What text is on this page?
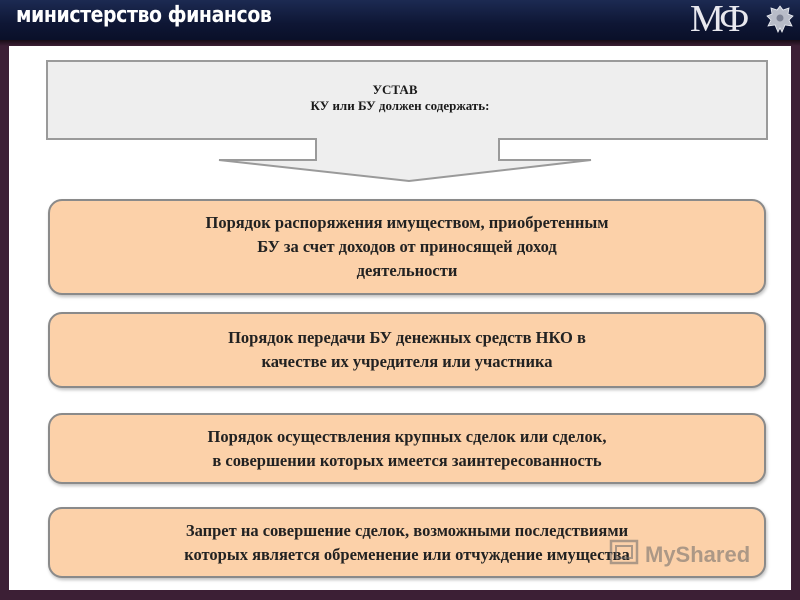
министерство финансов	МФ
УСТАВ
КУ или БУ должен содержать:
Порядок распоряжения имуществом, приобретенным
БУ за счет доходов от приносящей доход
деятельности
Порядок передачи БУ денежных средств НКО в
качестве их учредителя или участника
Порядок осуществления крупных сделок или сделок,
в совершении которых имеется заинтересованность
Запрет на совершение сделок, возможными последствиями
которых является обременение или отчуждение имущества MyShared
